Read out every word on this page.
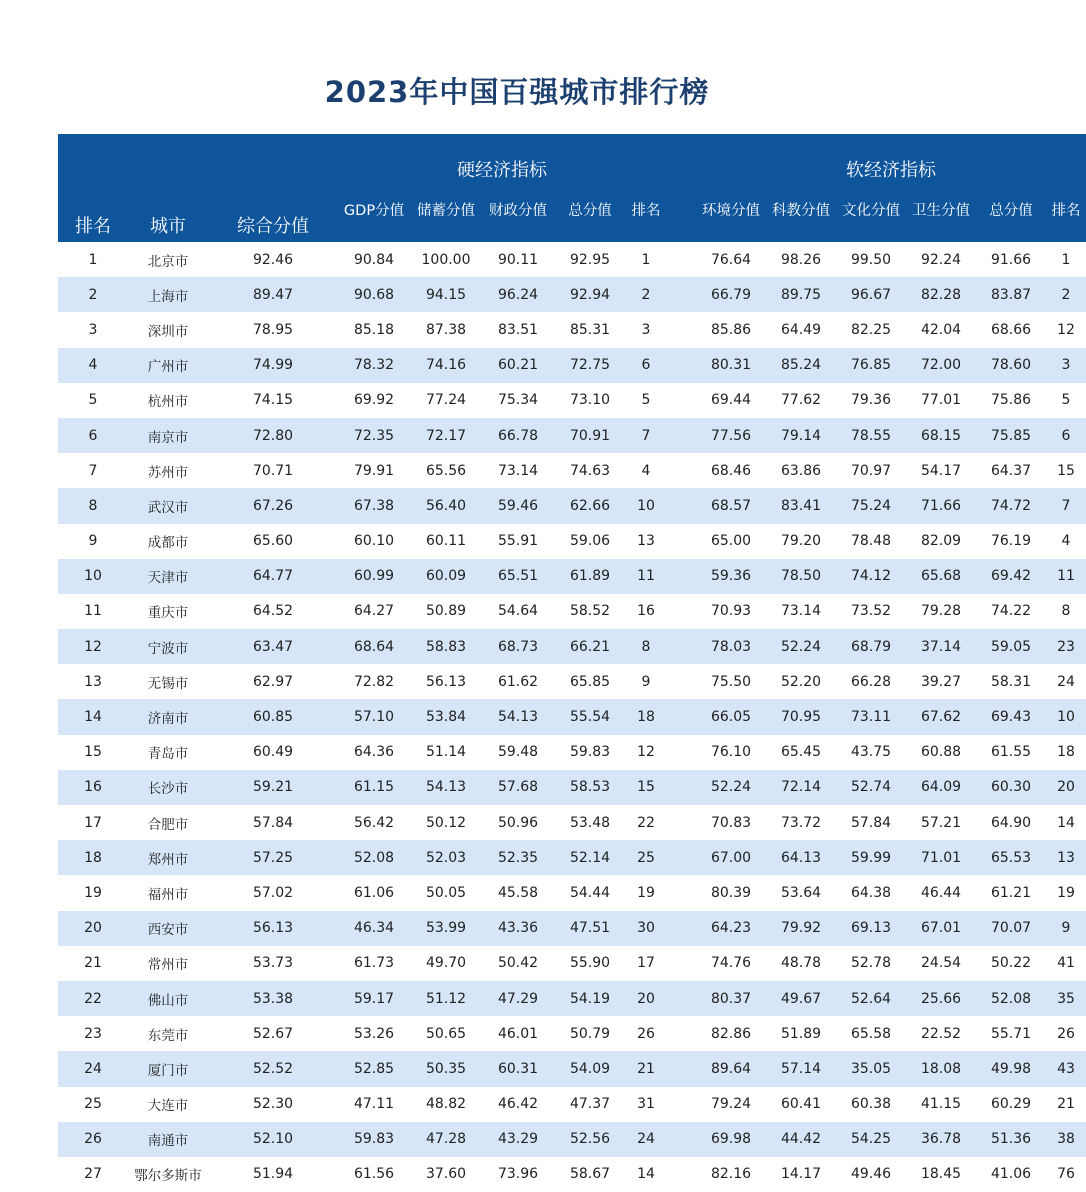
2023年中国百强城市排行榜
排名	城市	综合分值	硬经济指标						软经济指标					
			GDP分值	储蓄分值	财政分值	总分值	排名		环境分值	科教分值	文化分值	卫生分值	总分值	排名
1	北京市	92.46	90.84	100.00	90.11	92.95	1		76.64	98.26	99.50	92.24	91.66	1
2	上海市	89.47	90.68	94.15	96.24	92.94	2		66.79	89.75	96.67	82.28	83.87	2
3	深圳市	78.95	85.18	87.38	83.51	85.31	3		85.86	64.49	82.25	42.04	68.66	12
4	广州市	74.99	78.32	74.16	60.21	72.75	6		80.31	85.24	76.85	72.00	78.60	3
5	杭州市	74.15	69.92	77.24	75.34	73.10	5		69.44	77.62	79.36	77.01	75.86	5
6	南京市	72.80	72.35	72.17	66.78	70.91	7		77.56	79.14	78.55	68.15	75.85	6
7	苏州市	70.71	79.91	65.56	73.14	74.63	4		68.46	63.86	70.97	54.17	64.37	15
8	武汉市	67.26	67.38	56.40	59.46	62.66	10		68.57	83.41	75.24	71.66	74.72	7
9	成都市	65.60	60.10	60.11	55.91	59.06	13		65.00	79.20	78.48	82.09	76.19	4
10	天津市	64.77	60.99	60.09	65.51	61.89	11		59.36	78.50	74.12	65.68	69.42	11
11	重庆市	64.52	64.27	50.89	54.64	58.52	16		70.93	73.14	73.52	79.28	74.22	8
12	宁波市	63.47	68.64	58.83	68.73	66.21	8		78.03	52.24	68.79	37.14	59.05	23
13	无锡市	62.97	72.82	56.13	61.62	65.85	9		75.50	52.20	66.28	39.27	58.31	24
14	济南市	60.85	57.10	53.84	54.13	55.54	18		66.05	70.95	73.11	67.62	69.43	10
15	青岛市	60.49	64.36	51.14	59.48	59.83	12		76.10	65.45	43.75	60.88	61.55	18
16	长沙市	59.21	61.15	54.13	57.68	58.53	15		52.24	72.14	52.74	64.09	60.30	20
17	合肥市	57.84	56.42	50.12	50.96	53.48	22		70.83	73.72	57.84	57.21	64.90	14
18	郑州市	57.25	52.08	52.03	52.35	52.14	25		67.00	64.13	59.99	71.01	65.53	13
19	福州市	57.02	61.06	50.05	45.58	54.44	19		80.39	53.64	64.38	46.44	61.21	19
20	西安市	56.13	46.34	53.99	43.36	47.51	30		64.23	79.92	69.13	67.01	70.07	9
21	常州市	53.73	61.73	49.70	50.42	55.90	17		74.76	48.78	52.78	24.54	50.22	41
22	佛山市	53.38	59.17	51.12	47.29	54.19	20		80.37	49.67	52.64	25.66	52.08	35
23	东莞市	52.67	53.26	50.65	46.01	50.79	26		82.86	51.89	65.58	22.52	55.71	26
24	厦门市	52.52	52.85	50.35	60.31	54.09	21		89.64	57.14	35.05	18.08	49.98	43
25	大连市	52.30	47.11	48.82	46.42	47.37	31		79.24	60.41	60.38	41.15	60.29	21
26	南通市	52.10	59.83	47.28	43.29	52.56	24		69.98	44.42	54.25	36.78	51.36	38
27	鄂尔多斯市	51.94	61.56	37.60	73.96	58.67	14		82.16	14.17	49.46	18.45	41.06	76
